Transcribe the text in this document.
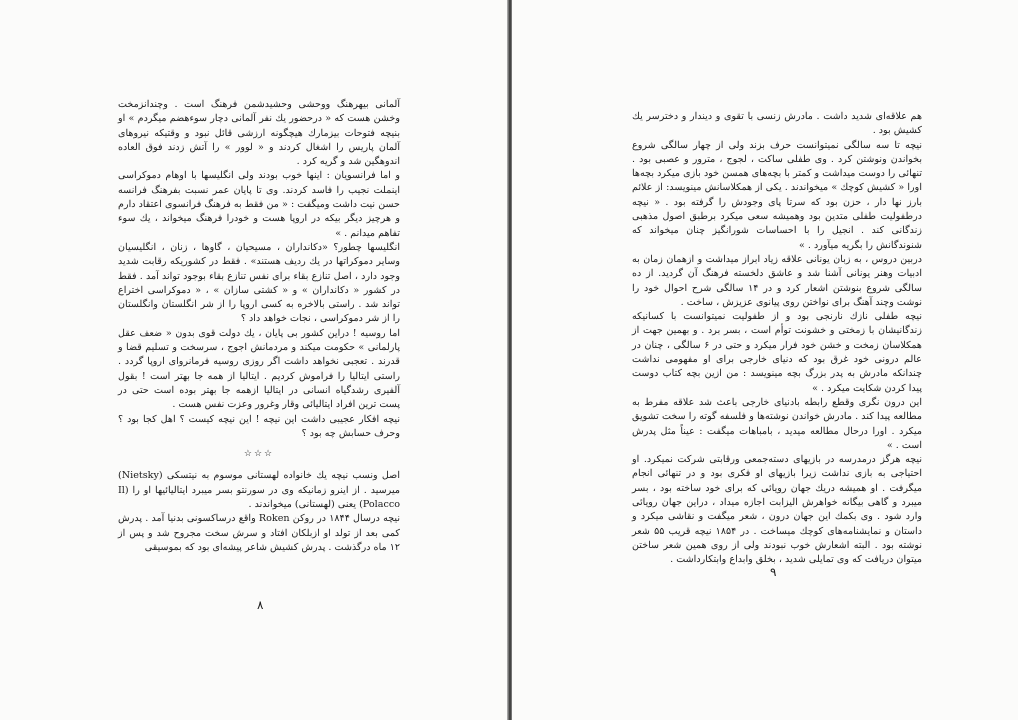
آلمانی بیهرهنگ ووحشی وحشیدشمن فرهنگ است . وچندانزمخت وخشن هست که « درحضور یك نفر آلمانی دچار سوءهضم میگردم » او بنیچه فتوحات بیزمارك هیچگونه ارزشی قائل نبود و وقتیکه نیروهای آلمان پاریس را اشغال کردند و « لوور » را آتش زدند فوق العاده اندوهگین شد و گریه کرد .

و اما فرانسویان : اینها خوب بودند ولی انگلیسها با اوهام دموکراسی اینملت نجیب را فاسد کردند. وی تا پایان عمر نسبت بفرهنگ فرانسه حسن نیت داشت ومیگفت : « من فقط به فرهنگ فرانسوی اعتقاد دارم و هرچیز دیگر بیکه در اروپا هست و خودرا فرهنگ میخواند ، یك سوء تفاهم میدانم . »

انگلیسها چطور؟ «دکانداران ، مسیحیان ، گاوها ، زنان ، انگلیسیان وسایر دموکراتها در یك ردیف هستند» . فقط در کشوریکه رقابت شدید وجود دارد ، اصل تنازع بقاء برای نفس تنازع بقاء بوجود تواند آمد . فقط در کشور « دکانداران » و « کشتی سازان » ، « دموکراسی اختراع تواند شد . راستی بالاخره به کسی اروپا را از شر انگلستان وانگلستان را از شر دموکراسی ، نجات خواهد داد ؟

اما روسیه ! دراین کشور بی پایان ، یك دولت قوی بدون « ضعف عقل پارلمانی » حکومت میکند و مردمانش اجوج ، سرسخت و تسلیم قضا و قدرند . تعجبی نخواهد داشت اگر روزی روسیه فرمانروای اروپا گردد . راستی ایتالیا را فراموش کردیم . ایتالیا از همه جا بهتر است ! بقول آلفیری رشدگیاه انسانی در ایتالیا ازهمه جا بهتر بوده است حتی در پست ترین افراد ایتالیائی وقار وغرور وعزت نفس هست .

نیچه افکار عجیبی داشت این نیچه ! این نیچه کیست ؟ اهل کجا بود ؟ وحرف حسابش چه بود ؟

☆☆☆

اصل ونسب نیچه یك خانواده لهستانی موسوم به نیتسکی (Nietsky) میرسید . از اینرو زمانیکه وی در سورنتو بسر میبرد ایتالیائیها او را (Il Polacco) یعنی (لهستانی) میخواندند .

نیچه درسال ۱۸۴۴ در روکن Roken واقع درساکسونی بدنیا آمد . پدرش کمی بعد از تولد او ازبلکان افتاد و سرش سخت مجروح شد و پس از ۱۲ ماه درگذشت . پدرش کشیش شاعر پیشه‌ای بود که بموسیقی

٨

هم علاقه‌ای شدید داشت . مادرش زنسی با تقوی و دیندار و دخترسر یك کشیش بود .

نیچه تا سه سالگی نمیتوانست حرف بزند ولی از چهار سالگی شروع بخواندن ونوشتن کرد . وی طفلی ساکت ، لجوج ، مترور و عصبی بود . تنهائی را دوست میداشت و کمتر با بچه‌های همسن خود بازی میکرد بچه‌ها اورا « کشیش کوچك » میخواندند . یکی از همکلاسانش مینویسد: از علائم بارز نها دار ، حزن بود که سرتا پای وجودش را گرفته بود . « نیچه درطفولیت طفلی متدین بود وهمیشه سعی میکرد برطبق اصول مذهبی زندگانی کند . انجیل را با احساسات شورانگیز چنان میخواند که شنوندگانش را بگریه میآورد . »

دربین دروس ، به زبان یونانی علاقه زیاد ابراز میداشت و ازهمان زمان به ادبیات وهنر یونانی آشنا شد و عاشق دلخسته فرهنگ آن گردید. از ده سالگی شروع بنوشتن اشعار کرد و در ۱۴ سالگی شرح احوال خود را نوشت وچند آهنگ برای نواختن روی پیانوی عزیزش ، ساخت .

نیچه طفلی نازك نارنجی بود و از طفولیت نمیتوانست با کسانیکه زندگانیشان با زمختی و خشونت توأم است ، بسر برد . و بهمین جهت از همکلاسان زمخت و خشن خود فرار میکرد و حتی در ۶ سالگی ، چنان در عالم درونی خود غرق بود که دنیای خارجی برای او مفهومی نداشت چندانکه مادرش به پدر بزرگ بچه مینویسد : من ازین بچه کتاب دوست پیدا کردن شکایت میکرد . »

این درون نگری وقطع رابطه بادنیای خارجی باعث شد علاقه مفرط به مطالعه پیدا کند . مادرش خواندن نوشته‌ها و فلسفه گوته را سخت تشویق میکرد . اورا درحال مطالعه میدید ، بامباهات میگفت : عیناً مثل پدرش است . »

نیچه هرگز درمدرسه در بازیهای دسته‌جمعی ورقابتی شرکت نمیکرد. او احتیاجی به بازی نداشت زیرا بازیهای او فکری بود و در تنهائی انجام میگرفت . او همیشه دریك جهان رویائی که برای خود ساخته بود ، بسر میبرد و گاهی بیگانه خواهرش الیزابت اجازه میداد ، دراین جهان رویائی وارد شود . وی بکمك این جهان درون ، شعر میگفت و نقاشی میکرد و داستان و نمایشنامه‌های کوچك میساخت . در ۱۸۵۴ نیچه قریب ۵۵ شعر نوشته بود . البته اشعارش خوب نبودند ولی از روی همین شعر ساختن میتوان دریافت که وی تمایلی شدید ، بخلق وابداع وابتکارداشت .

٩
